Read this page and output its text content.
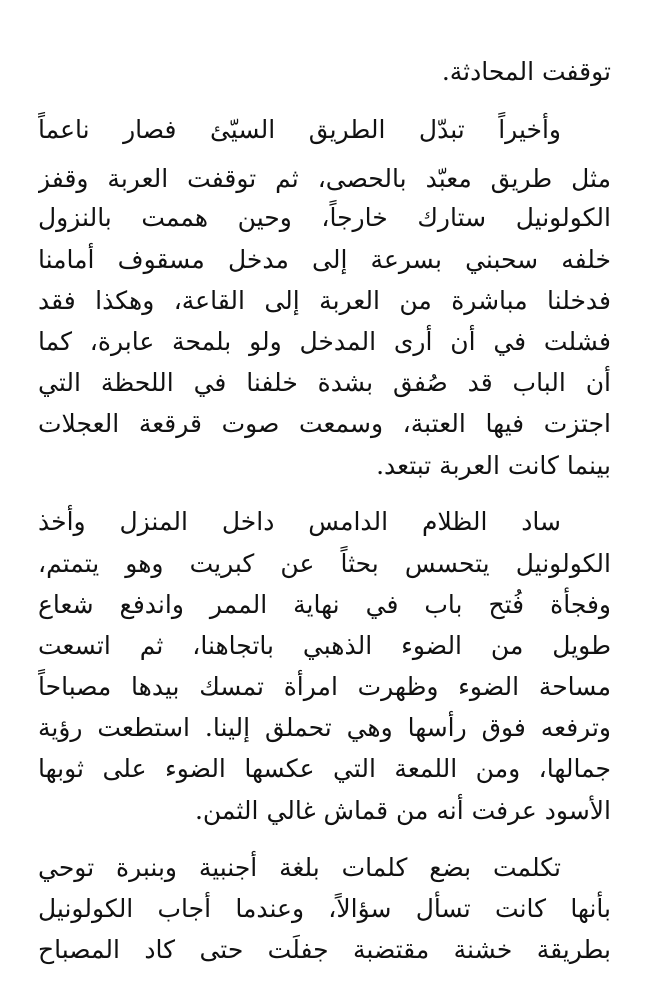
توقفت المحادثة.
وأخيراً تبدّل الطريق السيّئ فصار ناعماً
مثل طريق معبّد بالحصى، ثم توقفت العربة وقفز
الكولونيل ستارك خارجاً، وحين هممت بالنزول
خلفه سحبني بسرعة إلى مدخل مسقوف أمامنا
فدخلنا مباشرة من العربة إلى القاعة، وهكذا فقد
فشلت في أن أرى المدخل ولو بلمحة عابرة، كما
أن الباب قد صُفق بشدة خلفنا في اللحظة التي
اجتزت فيها العتبة، وسمعت صوت قرقعة العجلات
بينما كانت العربة تبتعد.
ساد الظلام الدامس داخل المنزل وأخذ
الكولونيل يتحسس بحثاً عن كبريت وهو يتمتم،
وفجأة فُتح باب في نهاية الممر واندفع شعاع
طويل من الضوء الذهبي باتجاهنا، ثم اتسعت
مساحة الضوء وظهرت امرأة تمسك بيدها مصباحاً
وترفعه فوق رأسها وهي تحملق إلينا. استطعت رؤية
جمالها، ومن اللمعة التي عكسها الضوء على ثوبها
الأسود عرفت أنه من قماش غالي الثمن.
تكلمت بضع كلمات بلغة أجنبية وبنبرة توحي
بأنها كانت تسأل سؤالاً، وعندما أجاب الكولونيل
بطريقة خشنة مقتضبة جفلَت حتى كاد المصباح
